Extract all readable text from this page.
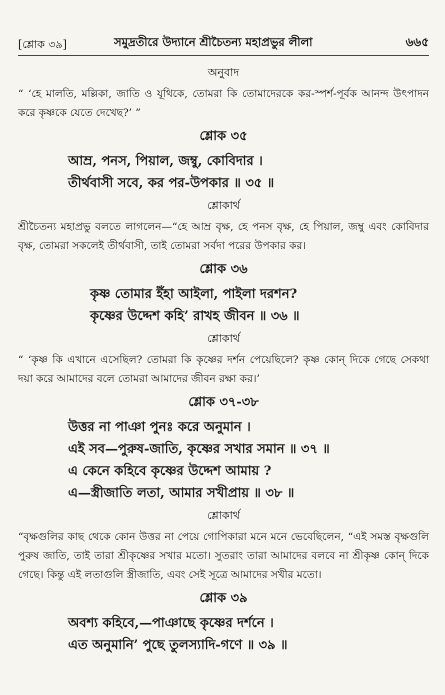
[শ্লোক ৩৯]	সমুদ্রতীরে উদ্যানে শ্রীচৈতন্য মহাপ্রভুর লীলা	৬৬৫
অনুবাদ
“ ‘হে মালতি, মল্লিকা, জাতি ও যূথিকে, তোমরা কি তোমাদেরকে কর-স্পর্শ-পূর্বক আনন্দ উৎপাদন করে কৃষ্ণকে যেতে দেখেছ?’ ”
শ্লোক ৩৫
আম্র, পনস, পিয়াল, জম্বু, কোবিদার ।
তীর্থবাসী সবে, কর পর-উপকার ॥ ৩৫ ॥
শ্লোকার্থ
শ্রীচৈতন্য মহাপ্রভু বলতে লাগলেন—“হে আম্র বৃক্ষ, হে পনস বৃক্ষ, হে পিয়াল, জম্বু এবং কোবিদার বৃক্ষ, তোমরা সকলেই তীর্থবাসী, তাই তোমরা সর্বদা পরের উপকার কর।
শ্লোক ৩৬
কৃষ্ণ তোমার ইঁহা আইলা, পাইলা দরশন?
কৃষ্ণের উদ্দেশ কহি’ রাখহ জীবন ॥ ৩৬ ॥
শ্লোকার্থ
“ ‘কৃষ্ণ কি এখানে এসেছিল? তোমরা কি কৃষ্ণের দর্শন পেয়েছিলে? কৃষ্ণ কোন্ দিকে গেছে সেকথা দয়া করে আমাদের বলে তোমরা আমাদের জীবন রক্ষা কর।’
শ্লোক ৩৭-৩৮
উত্তর না পাঞা পুনঃ করে অনুমান ।
এই সব—পুরুষ-জাতি, কৃষ্ণের সখার সমান ॥ ৩৭ ॥
এ কেনে কহিবে কৃষ্ণের উদ্দেশ আমায় ?
এ—স্ত্রীজাতি লতা, আমার সখীপ্রায় ॥ ৩৮ ॥
শ্লোকার্থ
“বৃক্ষগুলির কাছ থেকে কোন উত্তর না পেয়ে গোপিকারা মনে মনে ভেবেছিলেন, “এই সমস্ত বৃক্ষগুলি পুরুষ জাতি, তাই তারা শ্রীকৃষ্ণের সখার মতো। সুতরাং তারা আমাদের বলবে না শ্রীকৃষ্ণ কোন্ দিকে গেছে। কিন্তু এই লতাগুলি স্ত্রীজাতি, এবং সেই সূত্রে আমাদের সখীর মতো।
শ্লোক ৩৯
অবশ্য কহিবে,—পাঞাছে কৃষ্ণের দর্শনে ।
এত অনুমানি’ পুছে তুলস্যাদি-গণে ॥ ৩৯ ॥
